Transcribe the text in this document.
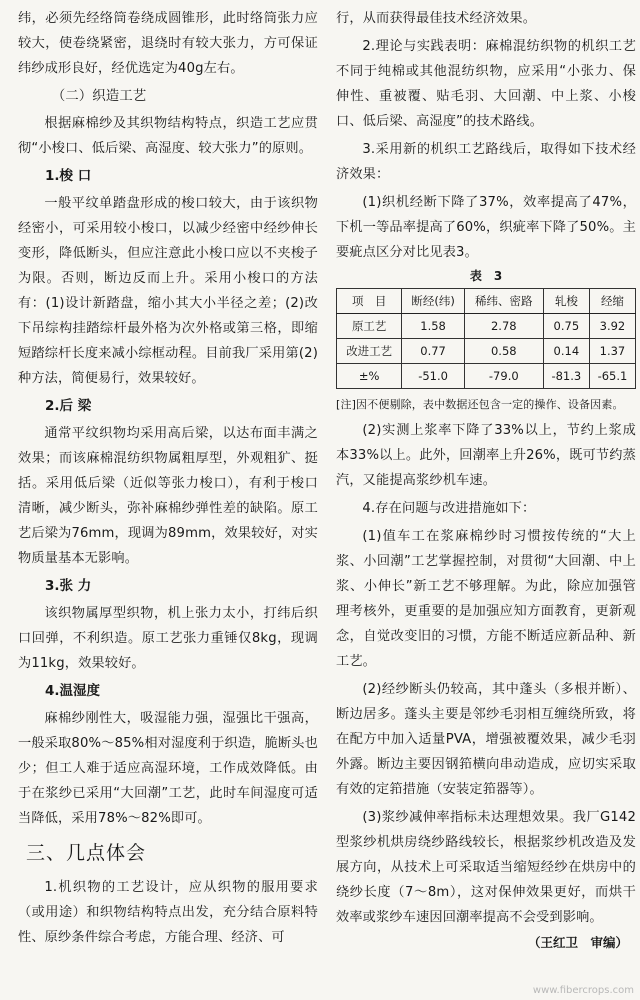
纬，必须先经络筒卷绕成圆锥形，此时络筒张力应较大，使卷绕紧密，退绕时有较大张力，方可保证纬纱成形良好，经优选定为40g左右。

（二）织造工艺

根据麻棉纱及其织物结构特点，织造工艺应贯彻“小梭口、低后梁、高湿度、较大张力”的原则。

1.梭 口

一般平纹单踏盘形成的梭口较大，由于该织物经密小，可采用较小梭口，以减少经密中经纱伸长变形，降低断头，但应注意此小梭口应以不夹梭子为限。否则，断边反而上升。采用小梭口的方法有：(1)设计新踏盘，缩小其大小半径之差；(2)改下吊综构挂踏综杆最外格为次外格或第三格，即缩短踏综杆长度来减小综框动程。目前我厂采用第(2)种方法，简便易行，效果较好。

2.后 梁

通常平纹织物均采用高后梁，以达布面丰满之效果；而该麻棉混纺织物属粗厚型，外观粗犷、挺括。采用低后梁（近似等张力梭口），有利于梭口清晰，减少断头，弥补麻棉纱弹性差的缺陷。原工艺后梁为76mm，现调为89mm，效果较好，对实物质量基本无影响。

3.张 力

该织物属厚型织物，机上张力太小，打纬后织口回弹，不利织造。原工艺张力重锤仅8kg，现调为11kg，效果较好。

4.温湿度

麻棉纱刚性大，吸湿能力强，湿强比干强高，一般采取80%～85%相对湿度利于织造，脆断头也少；但工人难于适应高湿环境，工作成效降低。由于在浆纱已采用“大回潮”工艺，此时车间湿度可适当降低，采用78%～82%即可。

三、几点体会

1.机织物的工艺设计，应从织物的服用要求（或用途）和织物结构特点出发，充分结合原料特性、原纱条件综合考虑，方能合理、经济、可

行，从而获得最佳技术经济效果。

2.理论与实践表明：麻棉混纺织物的机织工艺不同于纯棉或其他混纺织物，应采用“小张力、保伸性、重被覆、贴毛羽、大回潮、中上浆、小梭口、低后梁、高湿度”的技术路线。

3.采用新的机织工艺路线后，取得如下技术经济效果：

(1)织机经断下降了37%，效率提高了47%，下机一等品率提高了60%，织疵率下降了50%。主要疵点区分对比见表3。

表　3
项　目	断经(纬)	稀纬、密路	轧梭	经缩
原工艺	1.58	2.78	0.75	3.92
改进工艺	0.77	0.58	0.14	1.37
±%	-51.0	-79.0	-81.3	-65.1

[注]因不便剔除，表中数据还包含一定的操作、设备因素。

(2)实测上浆率下降了33%以上，节约上浆成本33%以上。此外，回潮率上升26%，既可节约蒸汽，又能提高浆纱机车速。

4.存在问题与改进措施如下：

(1)值车工在浆麻棉纱时习惯按传统的“大上浆、小回潮”工艺掌握控制，对贯彻“大回潮、中上浆、小伸长”新工艺不够理解。为此，除应加强管理考核外，更重要的是加强应知方面教育，更新观念，自觉改变旧的习惯，方能不断适应新品种、新工艺。

(2)经纱断头仍较高，其中蓬头（多根并断）、断边居多。蓬头主要是邻纱毛羽相互缠绕所致，将在配方中加入适量PVA，增强被覆效果，减少毛羽外露。断边主要因钢筘横向串动造成，应切实采取有效的定筘措施（安装定筘器等）。

(3)浆纱减伸率指标未达理想效果。我厂G142型浆纱机烘房绕纱路线较长，根据浆纱机改造及发展方向，从技术上可采取适当缩短经纱在烘房中的绕纱长度（7～8m），这对保伸效果更好，而烘干效率或浆纱车速因回潮率提高不会受到影响。

（王红卫　审编）
www.fibercrops.com
